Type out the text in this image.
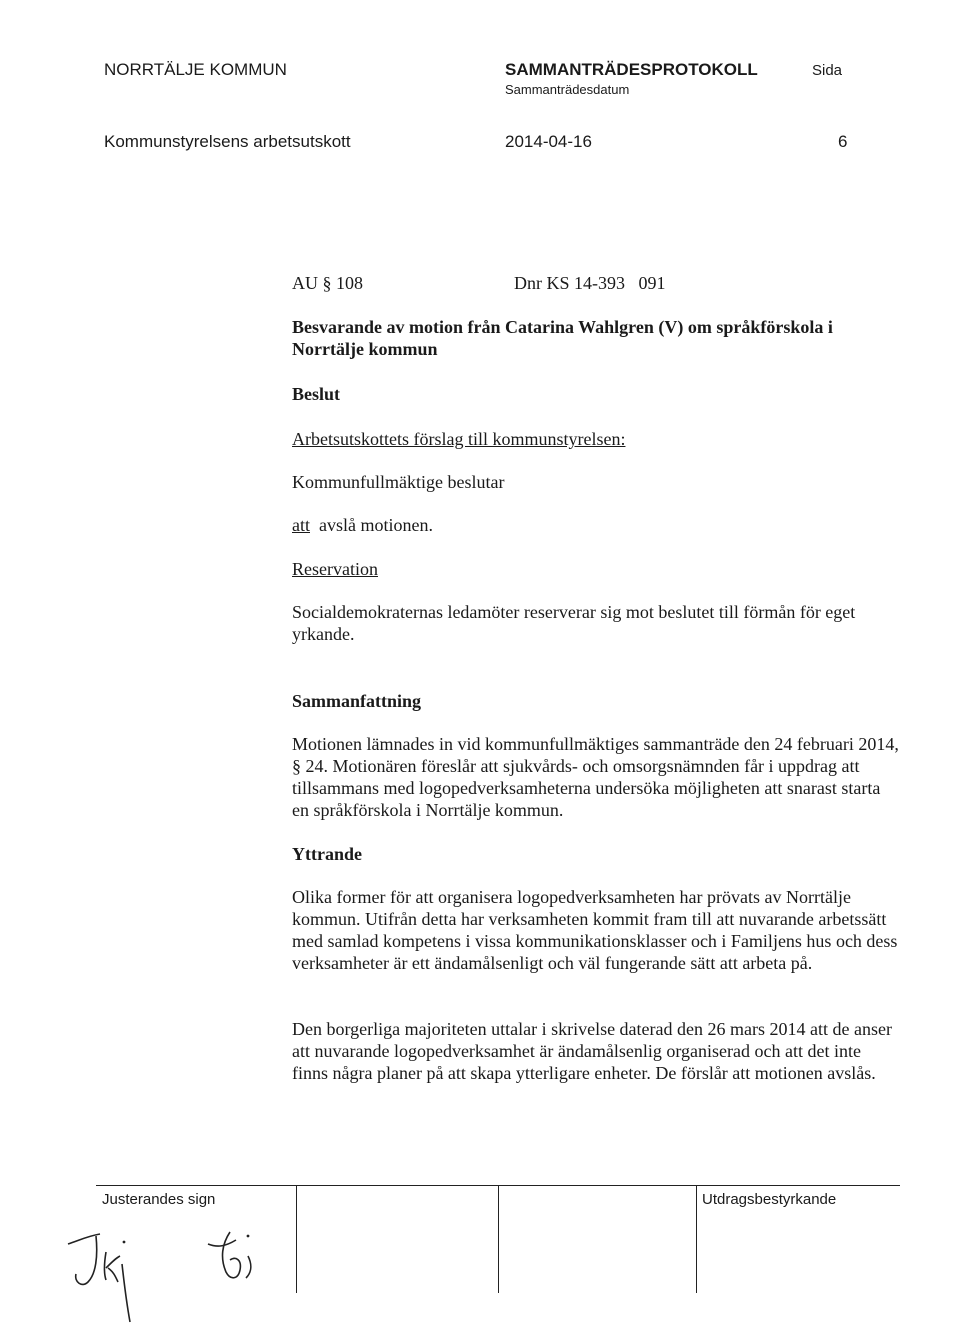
NORRTÄLJE KOMMUN	SAMMANTRÄDESPROTOKOLL
Sammanträdesdatum
Sida
Kommunstyrelsens arbetsutskott	2014-04-16	6
AU § 108	Dnr KS 14-393   091
Besvarande av motion från Catarina Wahlgren (V) om språkförskola i Norrtälje kommun
Beslut
Arbetsutskottets förslag till kommunstyrelsen:
Kommunfullmäktige beslutar
att avslå motionen.
Reservation
Socialdemokraternas ledamöter reserverar sig mot beslutet till förmån för eget yrkande.
Sammanfattning
Motionen lämnades in vid kommunfullmäktiges sammanträde den 24 februari 2014, § 24. Motionären föreslår att sjukvårds- och omsorgsnämnden får i uppdrag att tillsammans med logopedverksamheterna undersöka möjligheten att snarast starta en språkförskola i Norrtälje kommun.
Yttrande
Olika former för att organisera logopedverksamheten har prövats av Norrtälje kommun. Utifrån detta har verksamheten kommit fram till att nuvarande arbetssätt med samlad kompetens i vissa kommunikationsklasser och i Familjens hus och dess verksamheter är ett ändamålsenligt och väl fungerande sätt att arbeta på.
Den borgerliga majoriteten uttalar i skrivelse daterad den 26 mars 2014 att de anser att nuvarande logopedverksamhet är ändamålsenlig organiserad och att det inte finns några planer på att skapa ytterligare enheter. De förslår att motionen avslås.
Justerandes sign	Utdragsbestyrkande
